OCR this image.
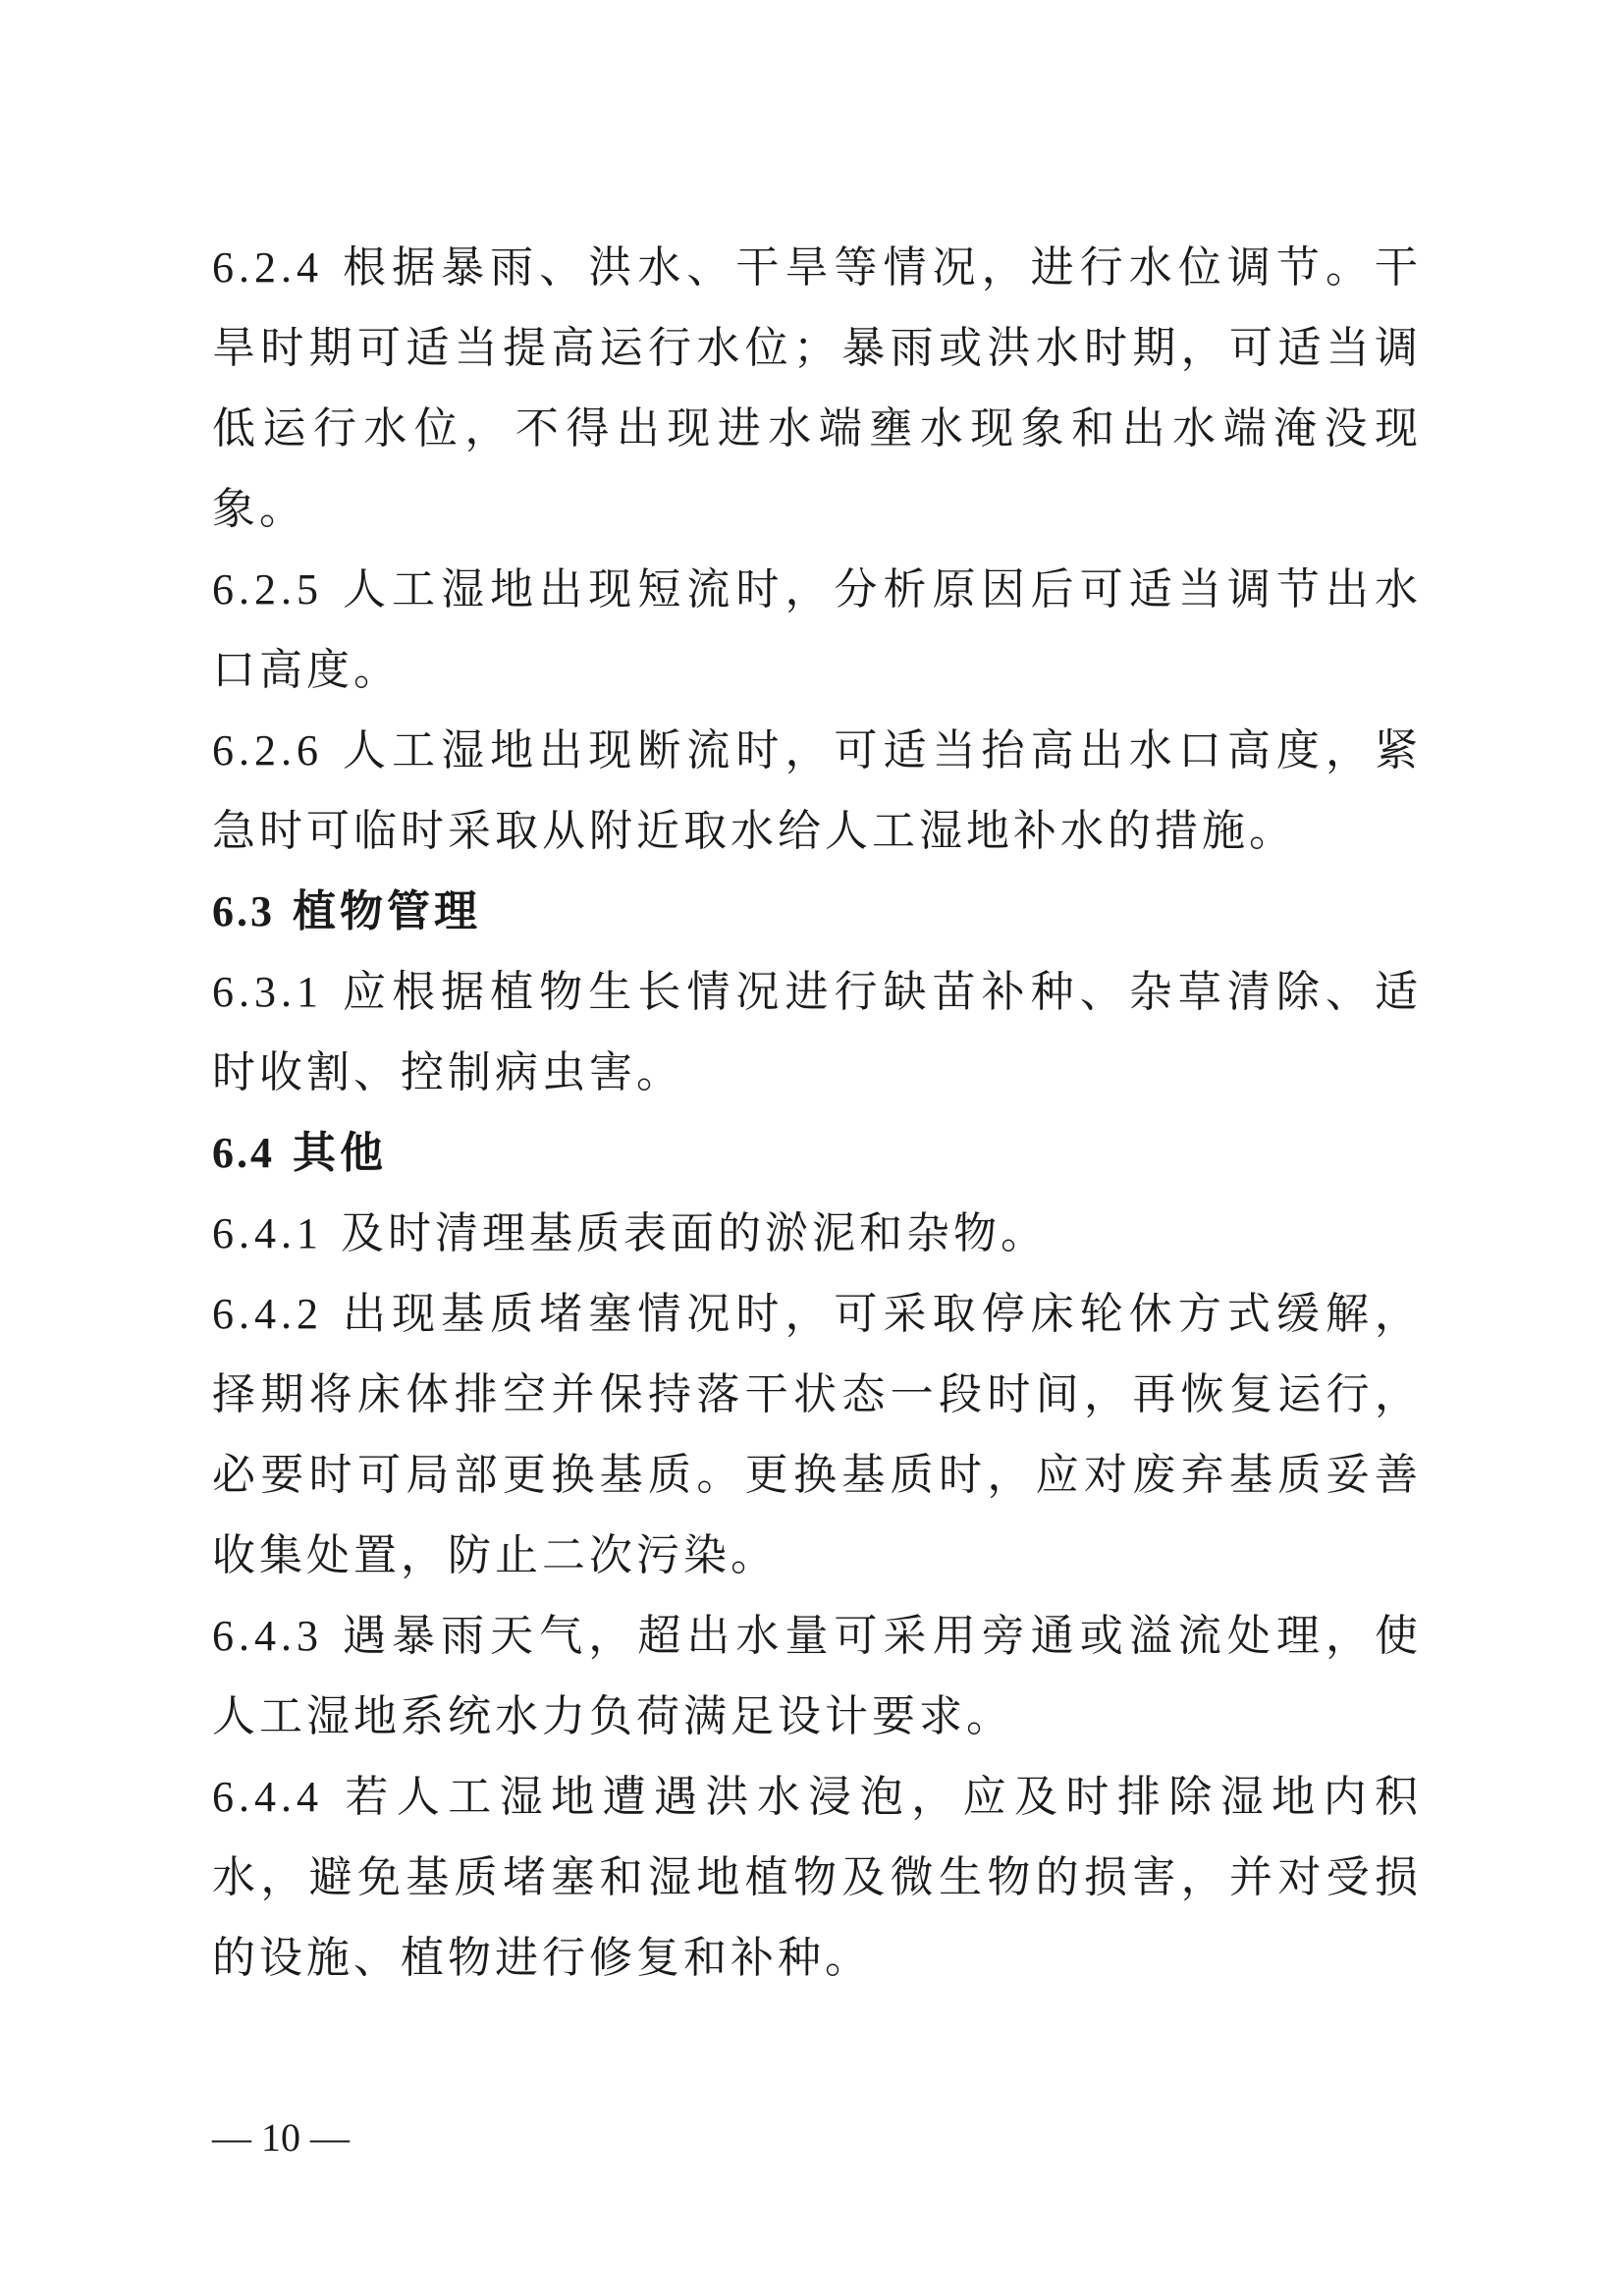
6.2.4 根据暴雨、洪水、干旱等情况，进行水位调节。干旱时期可适当提高运行水位；暴雨或洪水时期，可适当调低运行水位，不得出现进水端壅水现象和出水端淹没现象。

6.2.5 人工湿地出现短流时，分析原因后可适当调节出水口高度。

6.2.6 人工湿地出现断流时，可适当抬高出水口高度，紧急时可临时采取从附近取水给人工湿地补水的措施。

6.3 植物管理

6.3.1 应根据植物生长情况进行缺苗补种、杂草清除、适时收割、控制病虫害。

6.4 其他

6.4.1 及时清理基质表面的淤泥和杂物。

6.4.2 出现基质堵塞情况时，可采取停床轮休方式缓解，择期将床体排空并保持落干状态一段时间，再恢复运行，必要时可局部更换基质。更换基质时，应对废弃基质妥善收集处置，防止二次污染。

6.4.3 遇暴雨天气，超出水量可采用旁通或溢流处理，使人工湿地系统水力负荷满足设计要求。

6.4.4 若人工湿地遭遇洪水浸泡，应及时排除湿地内积水，避免基质堵塞和湿地植物及微生物的损害，并对受损的设施、植物进行修复和补种。

— 10 —
